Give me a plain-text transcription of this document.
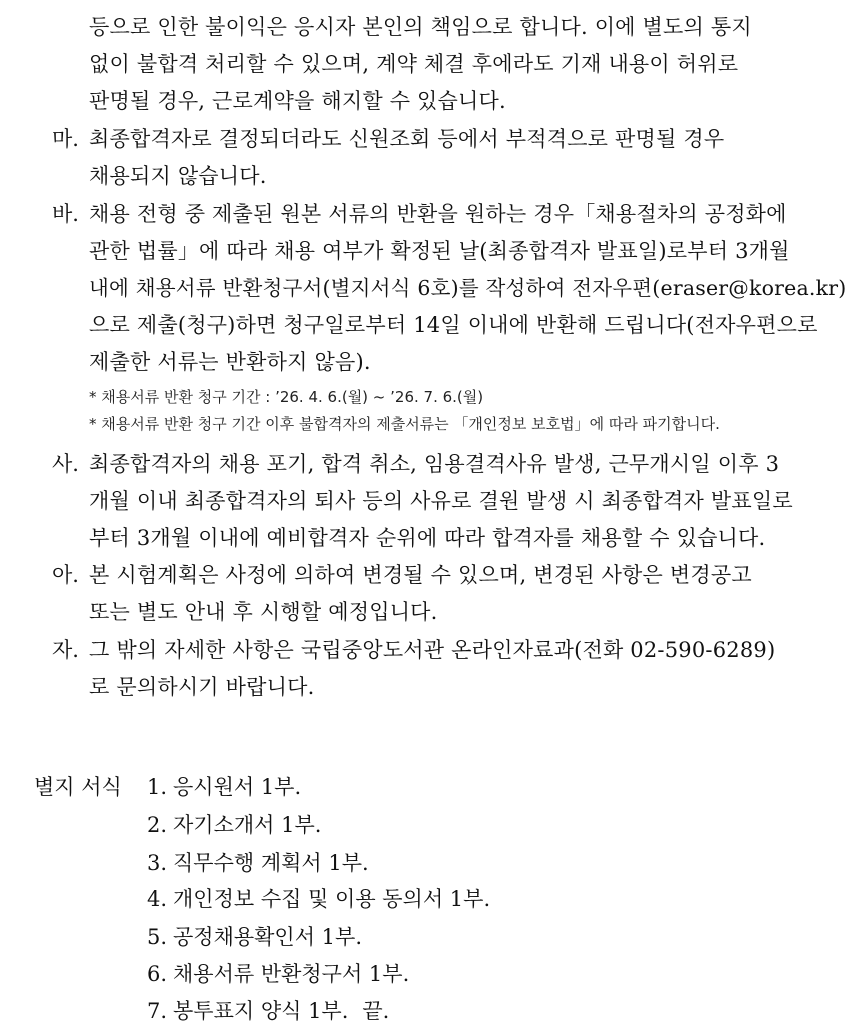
등으로 인한 불이익은 응시자 본인의 책임으로 합니다. 이에 별도의 통지
없이 불합격 처리할 수 있으며, 계약 체결 후에라도 기재 내용이 허위로
판명될 경우, 근로계약을 해지할 수 있습니다.
마. 최종합격자로 결정되더라도 신원조회 등에서 부적격으로 판명될 경우
채용되지 않습니다.
바. 채용 전형 중 제출된 원본 서류의 반환을 원하는 경우「채용절차의 공정화에
관한 법률」에 따라 채용 여부가 확정된 날(최종합격자 발표일)로부터 3개월
내에 채용서류 반환청구서(별지서식 6호)를 작성하여 전자우편(eraser@korea.kr)
으로 제출(청구)하면 청구일로부터 14일 이내에 반환해 드립니다(전자우편으로
제출한 서류는 반환하지 않음).
* 채용서류 반환 청구 기간 : ’26. 4. 6.(월) ~ ’26. 7. 6.(월)
* 채용서류 반환 청구 기간 이후 불합격자의 제출서류는 「개인정보 보호법」에 따라 파기합니다.
사. 최종합격자의 채용 포기, 합격 취소, 임용결격사유 발생, 근무개시일 이후 3
개월 이내 최종합격자의 퇴사 등의 사유로 결원 발생 시 최종합격자 발표일로
부터 3개월 이내에 예비합격자 순위에 따라 합격자를 채용할 수 있습니다.
아. 본 시험계획은 사정에 의하여 변경될 수 있으며, 변경된 사항은 변경공고
또는 별도 안내 후 시행할 예정입니다.
자. 그 밖의 자세한 사항은 국립중앙도서관 온라인자료과(전화 02-590-6289)
로 문의하시기 바랍니다.
별지 서식 1. 응시원서 1부.
2. 자기소개서 1부.
3. 직무수행 계획서 1부.
4. 개인정보 수집 및 이용 동의서 1부.
5. 공정채용확인서 1부.
6. 채용서류 반환청구서 1부.
7. 봉투표지 양식 1부. 끝.
